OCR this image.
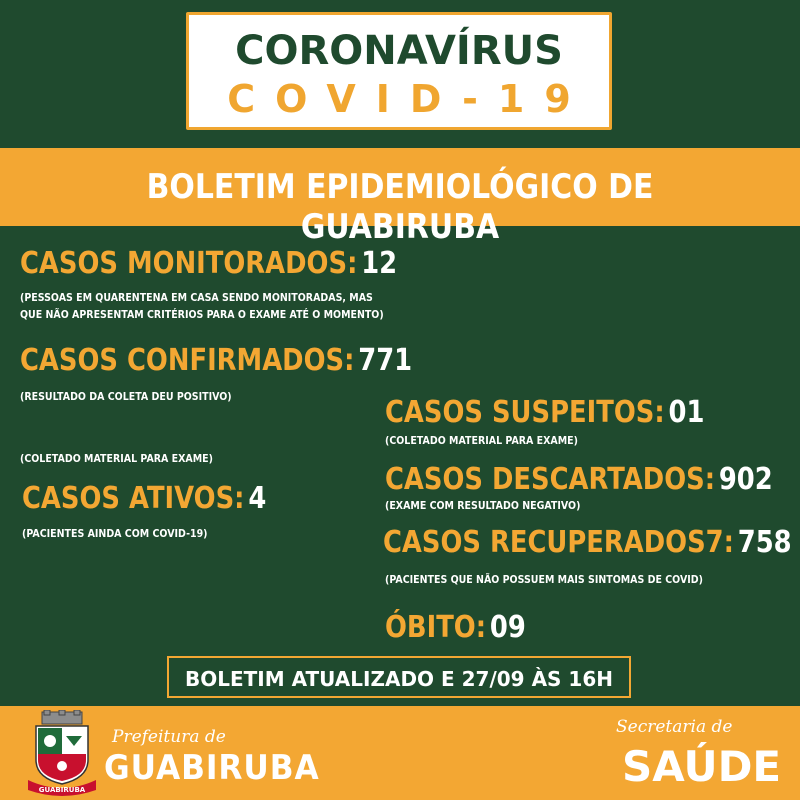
CORONAVÍRUS
COVID-19
BOLETIM EPIDEMIOLÓGICO DE GUABIRUBA
CASOS MONITORADOS: 12
(PESSOAS EM QUARENTENA EM CASA SENDO MONITORADAS, MAS
QUE NÃO APRESENTAM CRITÉRIOS PARA O EXAME ATÉ O MOMENTO)
CASOS CONFIRMADOS: 771
(RESULTADO DA COLETA DEU POSITIVO)
(COLETADO MATERIAL PARA EXAME)
CASOS ATIVOS: 4
(PACIENTES AINDA COM COVID-19)
CASOS SUSPEITOS: 01
(COLETADO MATERIAL PARA EXAME)
CASOS DESCARTADOS: 902
(EXAME COM RESULTADO NEGATIVO)
CASOS RECUPERADOS7: 758
(PACIENTES QUE NÃO POSSUEM MAIS SINTOMAS DE COVID)
ÓBITO: 09
BOLETIM ATUALIZADO E 27/09 ÀS 16H
GUABIRUBA
Prefeitura de
GUABIRUBA
Secretaria de
SAÚDE
